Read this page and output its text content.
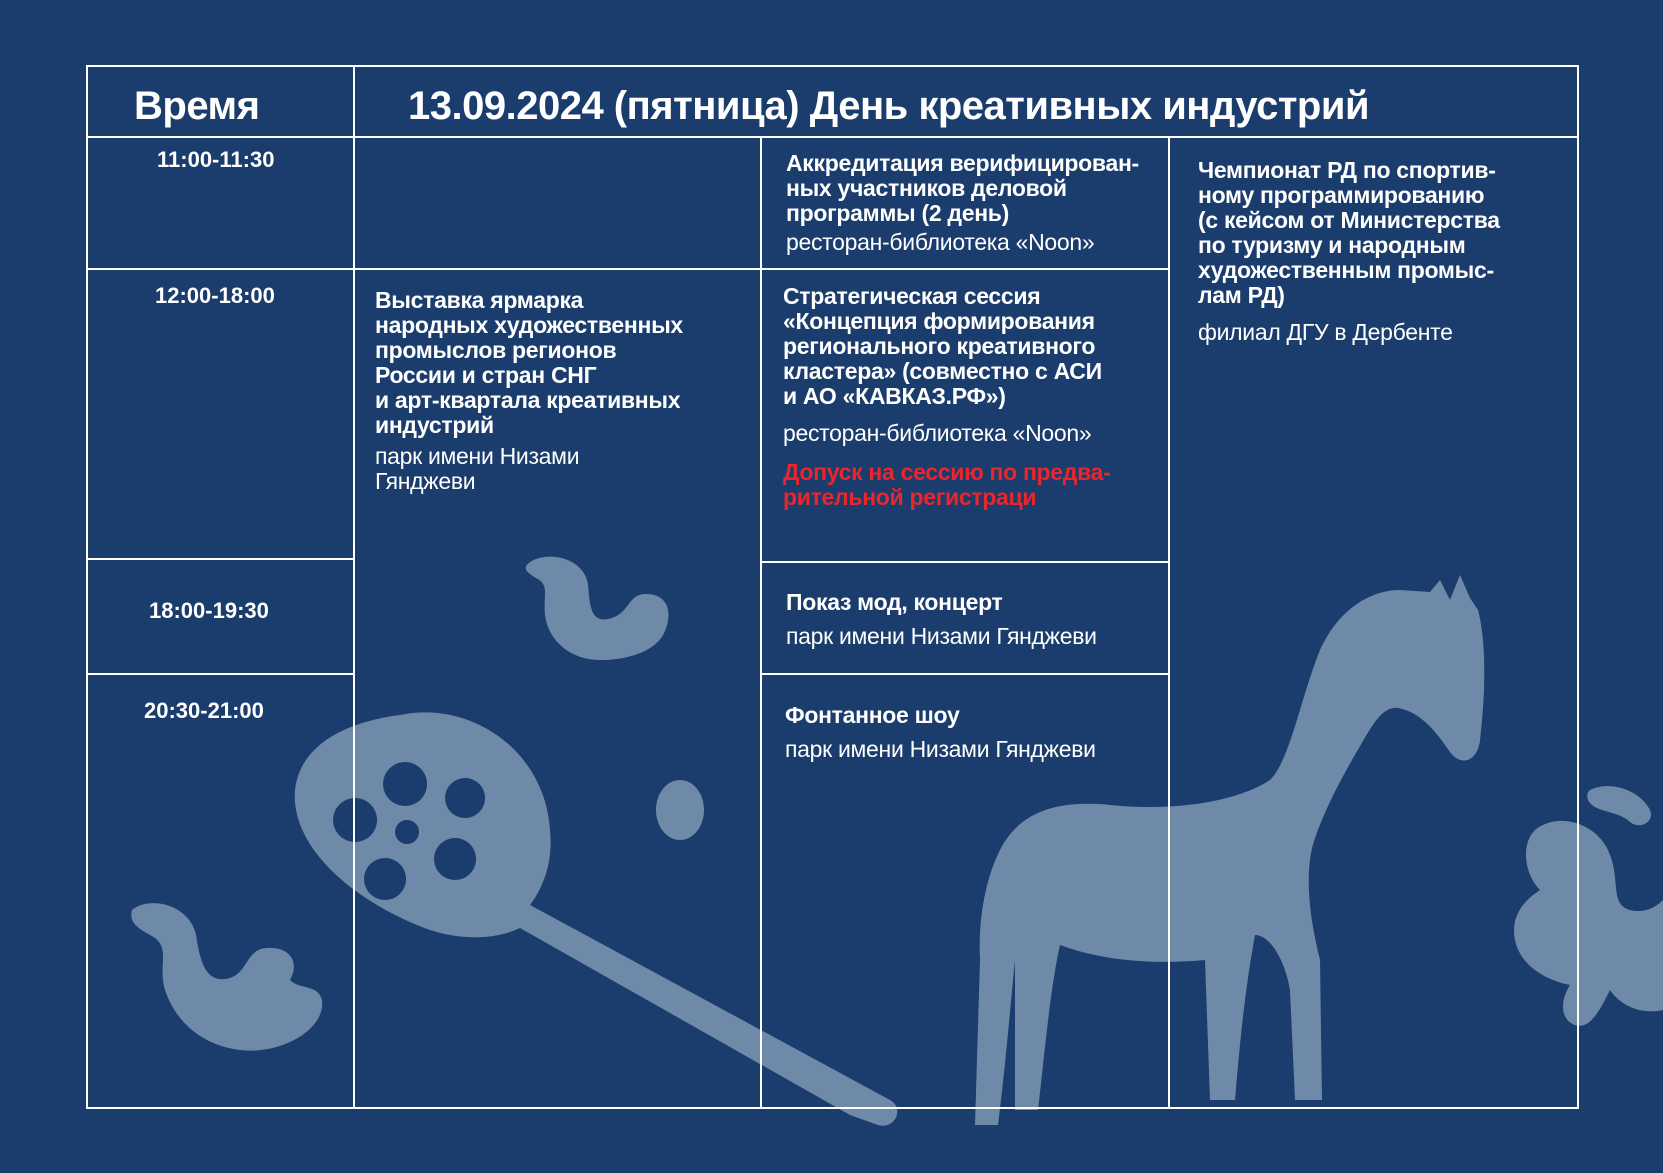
Время	13.09.2024 (пятница) День креативных индустрий
11:00-11:30
12:00-18:00
18:00-19:30
20:30-21:00
Аккредитация верифицирован-
ных участников деловой
программы (2 день)
ресторан-библиотека «Noon»
Выставка ярмарка
народных художественных
промыслов регионов
России и стран СНГ
и арт-квартала креативных
индустрий
парк имени Низами
Гянджеви
Стратегическая сессия
«Концепция формирования
регионального креативного
кластера» (совместно с АСИ
и АО «КАВКАЗ.РФ»)
ресторан-библиотека «Noon»
Допуск на сессию по предва-
рительной регистраци
Чемпионат РД по спортив-
ному программированию
(с кейсом от Министерства
по туризму и народным
художественным промыс-
лам РД)
филиал ДГУ в Дербенте
Показ мод, концерт
парк имени Низами Гянджеви
Фонтанное шоу
парк имени Низами Гянджеви
